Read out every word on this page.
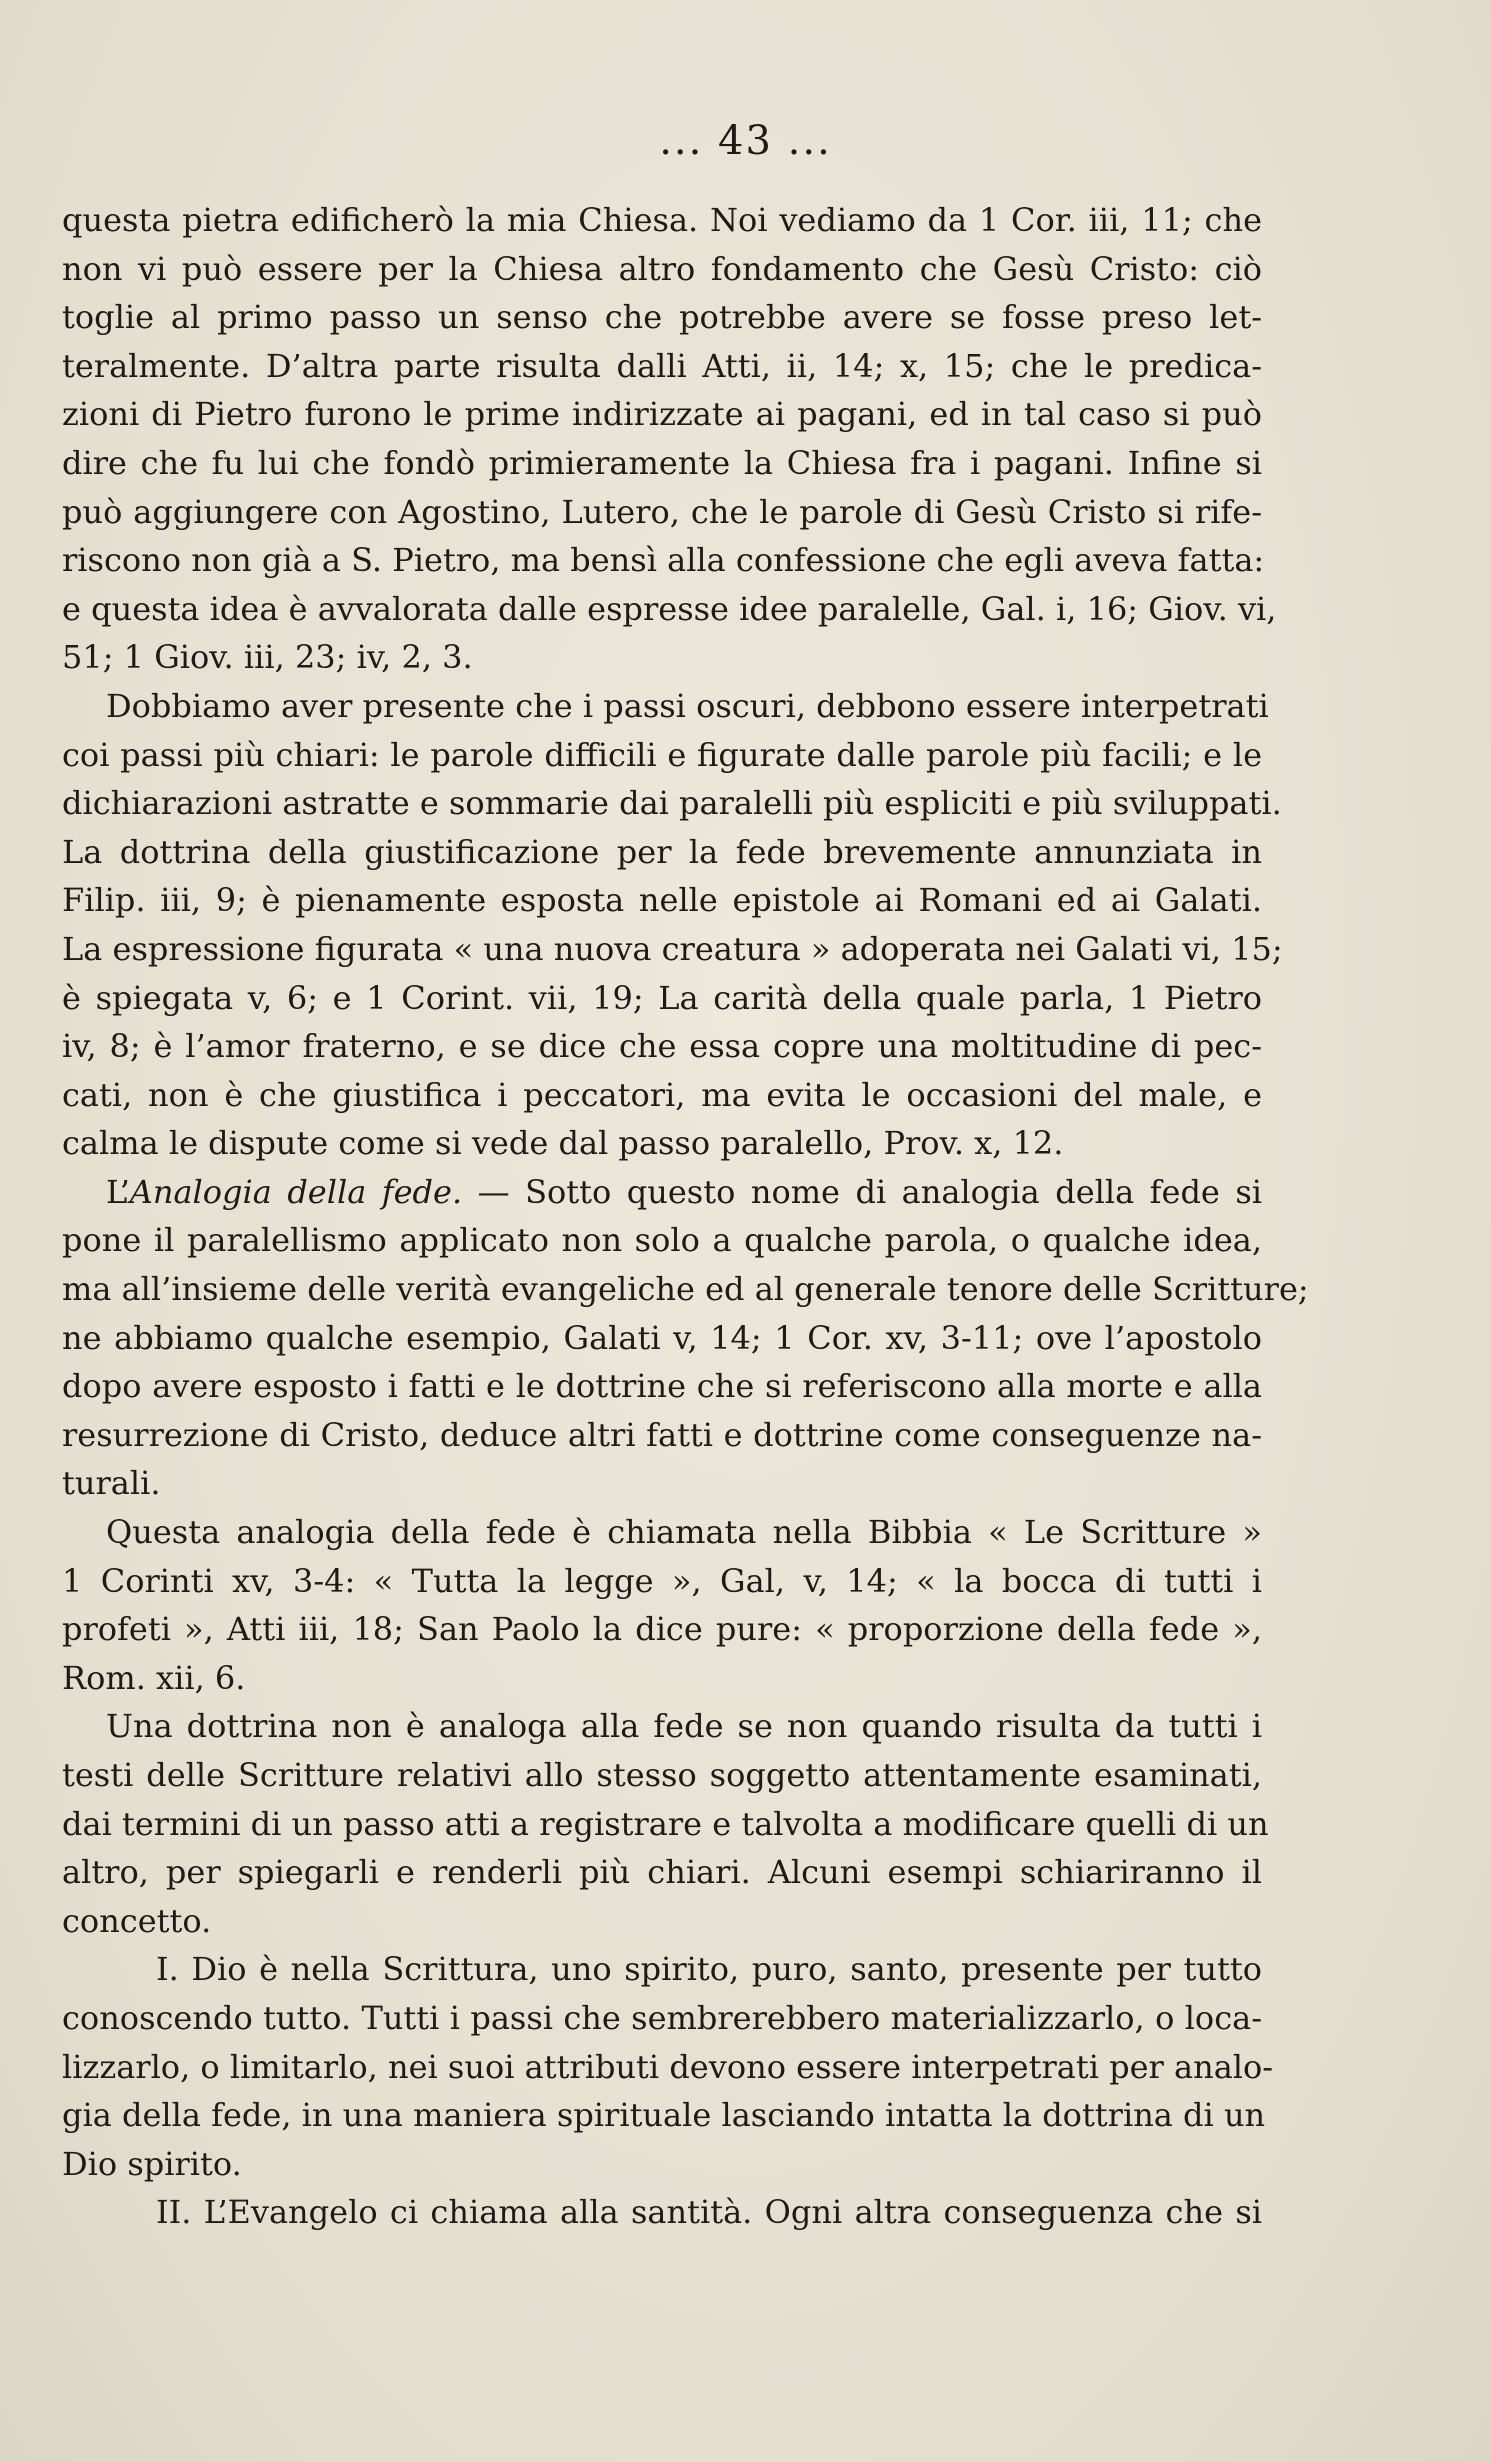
... 43 ...
questa pietra edificherò la mia Chiesa. Noi vediamo da 1 Cor. iii, 11; che
non vi può essere per la Chiesa altro fondamento che Gesù Cristo: ciò
toglie al primo passo un senso che potrebbe avere se fosse preso let-
teralmente. D’altra parte risulta dalli Atti, ii, 14; x, 15; che le predica-
zioni di Pietro furono le prime indirizzate ai pagani, ed in tal caso si può
dire che fu lui che fondò primieramente la Chiesa fra i pagani. Infine si
può aggiungere con Agostino, Lutero, che le parole di Gesù Cristo si rife-
riscono non già a S. Pietro, ma bensì alla confessione che egli aveva fatta:
e questa idea è avvalorata dalle espresse idee paralelle, Gal. i, 16; Giov. vi,
51; 1 Giov. iii, 23; iv, 2, 3.
Dobbiamo aver presente che i passi oscuri, debbono essere interpetrati
coi passi più chiari: le parole difficili e figurate dalle parole più facili; e le
dichiarazioni astratte e sommarie dai paralelli più espliciti e più sviluppati.
La dottrina della giustificazione per la fede brevemente annunziata in
Filip. iii, 9; è pienamente esposta nelle epistole ai Romani ed ai Galati.
La espressione figurata « una nuova creatura » adoperata nei Galati vi, 15;
è spiegata v, 6; e 1 Corint. vii, 19; La carità della quale parla, 1 Pietro
iv, 8; è l’amor fraterno, e se dice che essa copre una moltitudine di pec-
cati, non è che giustifica i peccatori, ma evita le occasioni del male, e
calma le dispute come si vede dal passo paralello, Prov. x, 12.
L’Analogia della fede. — Sotto questo nome di analogia della fede si
pone il paralellismo applicato non solo a qualche parola, o qualche idea,
ma all’insieme delle verità evangeliche ed al generale tenore delle Scritture;
ne abbiamo qualche esempio, Galati v, 14; 1 Cor. xv, 3-11; ove l’apostolo
dopo avere esposto i fatti e le dottrine che si referiscono alla morte e alla
resurrezione di Cristo, deduce altri fatti e dottrine come conseguenze na-
turali.
Questa analogia della fede è chiamata nella Bibbia « Le Scritture »
1 Corinti xv, 3-4: « Tutta la legge », Gal, v, 14; « la bocca di tutti i
profeti », Atti iii, 18; San Paolo la dice pure: « proporzione della fede »,
Rom. xii, 6.
Una dottrina non è analoga alla fede se non quando risulta da tutti i
testi delle Scritture relativi allo stesso soggetto attentamente esaminati,
dai termini di un passo atti a registrare e talvolta a modificare quelli di un
altro, per spiegarli e renderli più chiari. Alcuni esempi schiariranno il
concetto.
I. Dio è nella Scrittura, uno spirito, puro, santo, presente per tutto
conoscendo tutto. Tutti i passi che sembrerebbero materializzarlo, o loca-
lizzarlo, o limitarlo, nei suoi attributi devono essere interpetrati per analo-
gia della fede, in una maniera spirituale lasciando intatta la dottrina di un
Dio spirito.
II. L’Evangelo ci chiama alla santità. Ogni altra conseguenza che si
